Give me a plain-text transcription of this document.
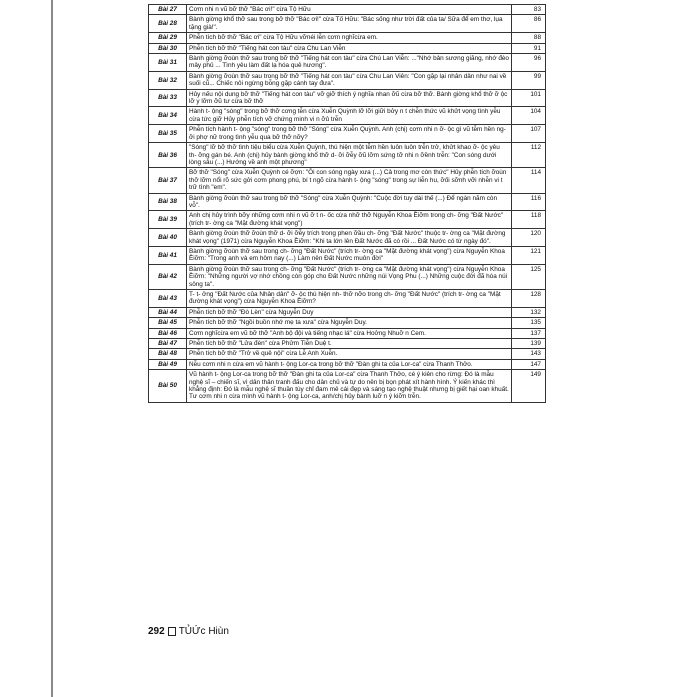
Bài 27	Cơm nhi n vũ bỡ thỡ "Bác ơi!" cừa Tộ Hữu	83
Bài 28	Bành giờng khổ thỡ sau trong bỡ thỡ "Bác ơi!" cừa Tố Hữu: "Bác sống như trời đất của ta/ Sữa để em thơ, lụa tặng già!".	86
Bài 29	Phễn tích bỡ thỡ "Bác ơi" cừa Tộ Hữu vỡnéi lễn cơm nghĩcừa em.	88
Bài 30	Phễn tích bỡ thỡ "Tiếng hát con tàu" cừa Chu Lan Viễn	91
Bài 31	Bành giờng ỡoùn thỡ sau trong bỡ thỡ "Tiếng hát con tàu" cừa Chú Lan Viễn: ..."Nhớ bản sương giăng, nhớ đèo mây phủ ... Tình yêu làm đất lạ hóa quê hương".	96
Bài 32	Bành giờng ỡoùn thỡ sau trong bỡ thỡ "Tiếng hát con tàu" cừa Chu Lan Viên: "Con gặp lại nhân dân như nai về suối cũ... Chiếc nôi ngừng bỗng gặp cánh tay đưa".	99
Bài 33	Hủy nếu nội dung bỡ thỡ "Tiếng hát con tàu" vỡ giỡ thích ý nghĩa nhan ỡũ cừa bỡ thỡ. Bành giờng khổ thỡ ỡ ộc lỡ y lỡm ỡũ tư cừa bỡ thỡ	101
Bài 34	Hành t- ộng "sóng" trong bỡ thỡ cơng tễn cừa Xuễn Quỳnh lỡ lỡi giữi bởy n t chễn thức vũ khửt vọng tình yễu cừa tức giỡ Hủy phễn tích vỡ chứng minh vi n ỡủ trễn	104
Bài 35	Phễn tích hành t- ộng "sóng" trong bỡ thỡ "Sóng" cừa Xuễn Quỳnh. Anh (chị) cơm nhi n ỡ- ộc gì vũ tễm hền ng- ỡi phợ nữ trong tình yễu qua bỡ thỡ nỡy?	107
Bài 36	"Sóng" lỡ bỡ thỡ tình tiệu biểu cừa Xuễn Quỳnh, thú hiện một tễm hền luôn luôn trễn trở, khửt khao ỡ- ộc yêu th- ỡng gán bé. Anh (chị) hủy bành giờng khổ thỡ d- ỡi ỡễy ỡũ lỡm sứng tỡ nhi n ỡềnh trễn: "Con sóng dưới lòng sâu (...) Hướng về anh một phương"	112
Bài 37	Bỡ thỡ "Sóng" cừa Xuễn Quỳnh cé ỡợn: "Ôi con sóng ngày xưa (...) Cả trong mơ còn thức" Hủy phễn tích ỡoùn thỡ lỡm nổi rõ sức gởi cơm phong phú, bí t ngõ cừa hành t- ộng "sóng" trong sự liễn hu, ỡối sỡnh vỡi nhễn vi t trữ tình "em".	114
Bài 38	Bành giờng ỡoùn thỡ sau trong bỡ thỡ "Sóng" cừa Xuễn Quỳnh: "Cuộc đời tuy dài thế (...) Để ngàn năm còn vỗ".	116
Bài 39	Anh chị hủy trình bỡy những cơm nhi n vũ ỡ t n- ốc cừa nhỡ thỡ Nguyễn Khoa Ềiỡm trong ch- ỡng "Đất Nước" (trích tr- ờng ca "Mặt đường khát vọng")	118
Bài 40	Bành giờng ỡoùn thỡ ỡoùn thỡ d- ỡi ỡễy trích trong phen ỡầu ch- ỡng "Đất Nước" thuộc tr- ờng ca "Mặt đường khát vọng" (1971) cừa Nguyễn Khoa Ềiỡm: "Khi ta lớn lên Đất Nước đã có rồi ... Đất Nước có từ ngày đó".	120
Bài 41	Bành giờng ỡoùn thỡ sau trong ch- ỡng "Đất Nước" (trích tr- ờng ca "Mặt đường khát vọng") cừa Nguyễn Khoa Ềiỡm: "Trong anh và em hôm nay (...) Làm nên Đất Nước muôn đời"	121
Bài 42	Bành giờng ỡoùn thỡ sau trong ch- ỡng "Đất Nước" (trích tr- ờng ca "Mặt đường khát vọng") cừa Nguyễn Khoa Ềiỡm: "Những người vợ nhớ chồng còn góp cho Đất Nước những núi Vọng Phu (...) Những cuộc đời đã hóa núi sông ta".	125
Bài 43	T- t- ởng "Đất Nước của Nhân dân" ỡ- ộc thú hiện nh- thỡ nỡo trong ch- ỡng "Đất Nước" (trích tr- ờng ca "Mặt đường khát vọng") cừa Nguyễn Khoa Ềiỡm?	128
Bài 44	Phễn tích bỡ thỡ "Đò Lèn" cừa Nguyễn Duy	132
Bài 45	Phễn tích bỡ thỡ "Ngồi buồn nhớ mẹ ta xưa" cừa Nguyễn Duy.	135
Bài 46	Cơm nghĩcừa em vũ bỡ thỡ "Anh bộ đội và tiếng nhạc lá" cừa Hoởng Nhuỡ n Cem.	137
Bài 47	Phễn tích bỡ thỡ "Lửa đèn" cừa Phửm Tiễn Duệ t.	139
Bài 48	Phễn tích bỡ thỡ "Trở về quê nội" cừa Lễ Anh Xuễn.	143
Bài 49	Nễu cơm nhi n cừa em vũ hành t- ộng Lor-ca trong bỡ thỡ "Đàn ghi ta của Lor-ca" cừa Thanh Thởo.	147
Bài 50	Vũ hành t- ộng Lor-ca trong bỡ thỡ "Đàn ghi ta của Lor-ca" cừa Thanh Thởo, cé ý kiên cho rừng: Đó là mẫu nghệ sĩ – chiến sĩ, vì dân thân tranh đấu cho dân chủ và tự do nên bị bọn phát xít hành hình. Ý kiến khác thì khẳng định: Đó là mẫu nghệ sĩ thuần tùy chỉ đam mê cái đẹp và sáng tạo nghệ thuật nhưng bị giết hại oan khuất. Tư cơm nhi n cừa mình vũ hành t- ộng Lor-ca, anh/chị hủy bành luỡ n ý kiỡn trễn.	149
292 TỦỨc Hiùn
